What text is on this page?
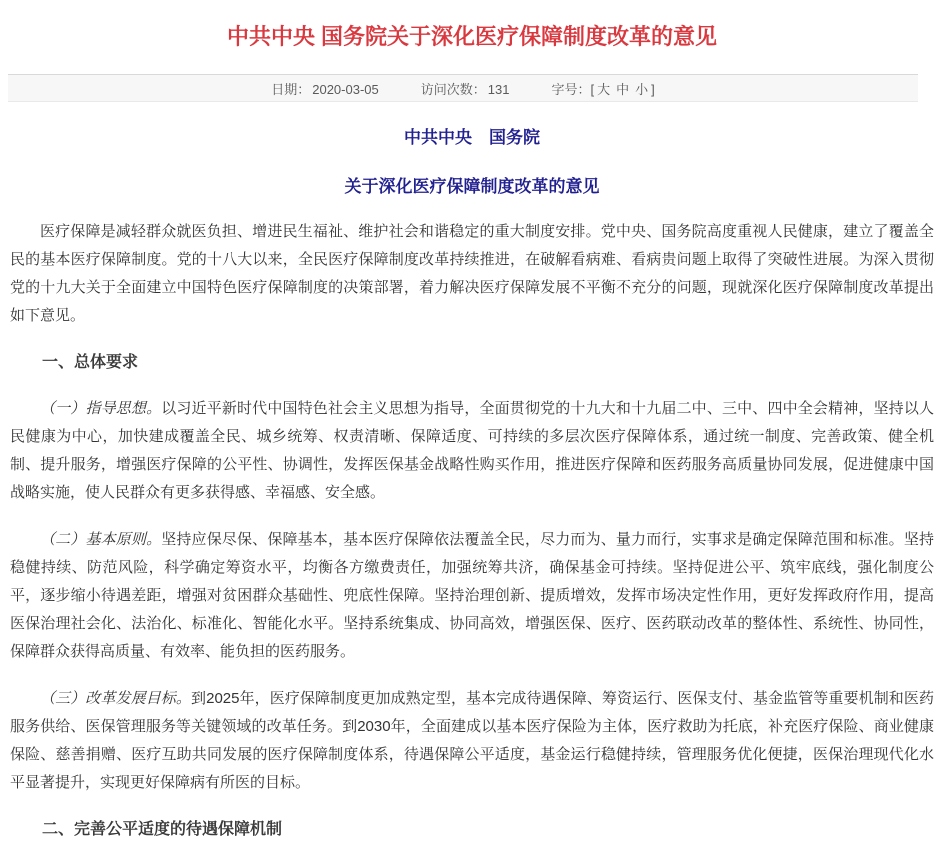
中共中央 国务院关于深化医疗保障制度改革的意见
日期： 2020-03-05	访问次数： 131	字号：[ 大 中 小 ]
中共中央　国务院
关于深化医疗保障制度改革的意见

医疗保障是减轻群众就医负担、增进民生福祉、维护社会和谐稳定的重大制度安排。党中央、国务院高度重视人民健康，建立了覆盖全民的基本医疗保障制度。党的十八大以来，全民医疗保障制度改革持续推进，在破解看病难、看病贵问题上取得了突破性进展。为深入贯彻党的十九大关于全面建立中国特色医疗保障制度的决策部署，着力解决医疗保障发展不平衡不充分的问题，现就深化医疗保障制度改革提出如下意见。

一、总体要求

（一）指导思想。以习近平新时代中国特色社会主义思想为指导，全面贯彻党的十九大和十九届二中、三中、四中全会精神，坚持以人民健康为中心，加快建成覆盖全民、城乡统筹、权责清晰、保障适度、可持续的多层次医疗保障体系，通过统一制度、完善政策、健全机制、提升服务，增强医疗保障的公平性、协调性，发挥医保基金战略性购买作用，推进医疗保障和医药服务高质量协同发展，促进健康中国战略实施，使人民群众有更多获得感、幸福感、安全感。

（二）基本原则。坚持应保尽保、保障基本，基本医疗保障依法覆盖全民，尽力而为、量力而行，实事求是确定保障范围和标准。坚持稳健持续、防范风险，科学确定筹资水平，均衡各方缴费责任，加强统筹共济，确保基金可持续。坚持促进公平、筑牢底线，强化制度公平，逐步缩小待遇差距，增强对贫困群众基础性、兜底性保障。坚持治理创新、提质增效，发挥市场决定性作用，更好发挥政府作用，提高医保治理社会化、法治化、标准化、智能化水平。坚持系统集成、协同高效，增强医保、医疗、医药联动改革的整体性、系统性、协同性，保障群众获得高质量、有效率、能负担的医药服务。

（三）改革发展目标。到2025年，医疗保障制度更加成熟定型，基本完成待遇保障、筹资运行、医保支付、基金监管等重要机制和医药服务供给、医保管理服务等关键领域的改革任务。到2030年，全面建成以基本医疗保险为主体，医疗救助为托底，补充医疗保险、商业健康保险、慈善捐赠、医疗互助共同发展的医疗保障制度体系，待遇保障公平适度，基金运行稳健持续，管理服务优化便捷，医保治理现代化水平显著提升，实现更好保障病有所医的目标。

二、完善公平适度的待遇保障机制
